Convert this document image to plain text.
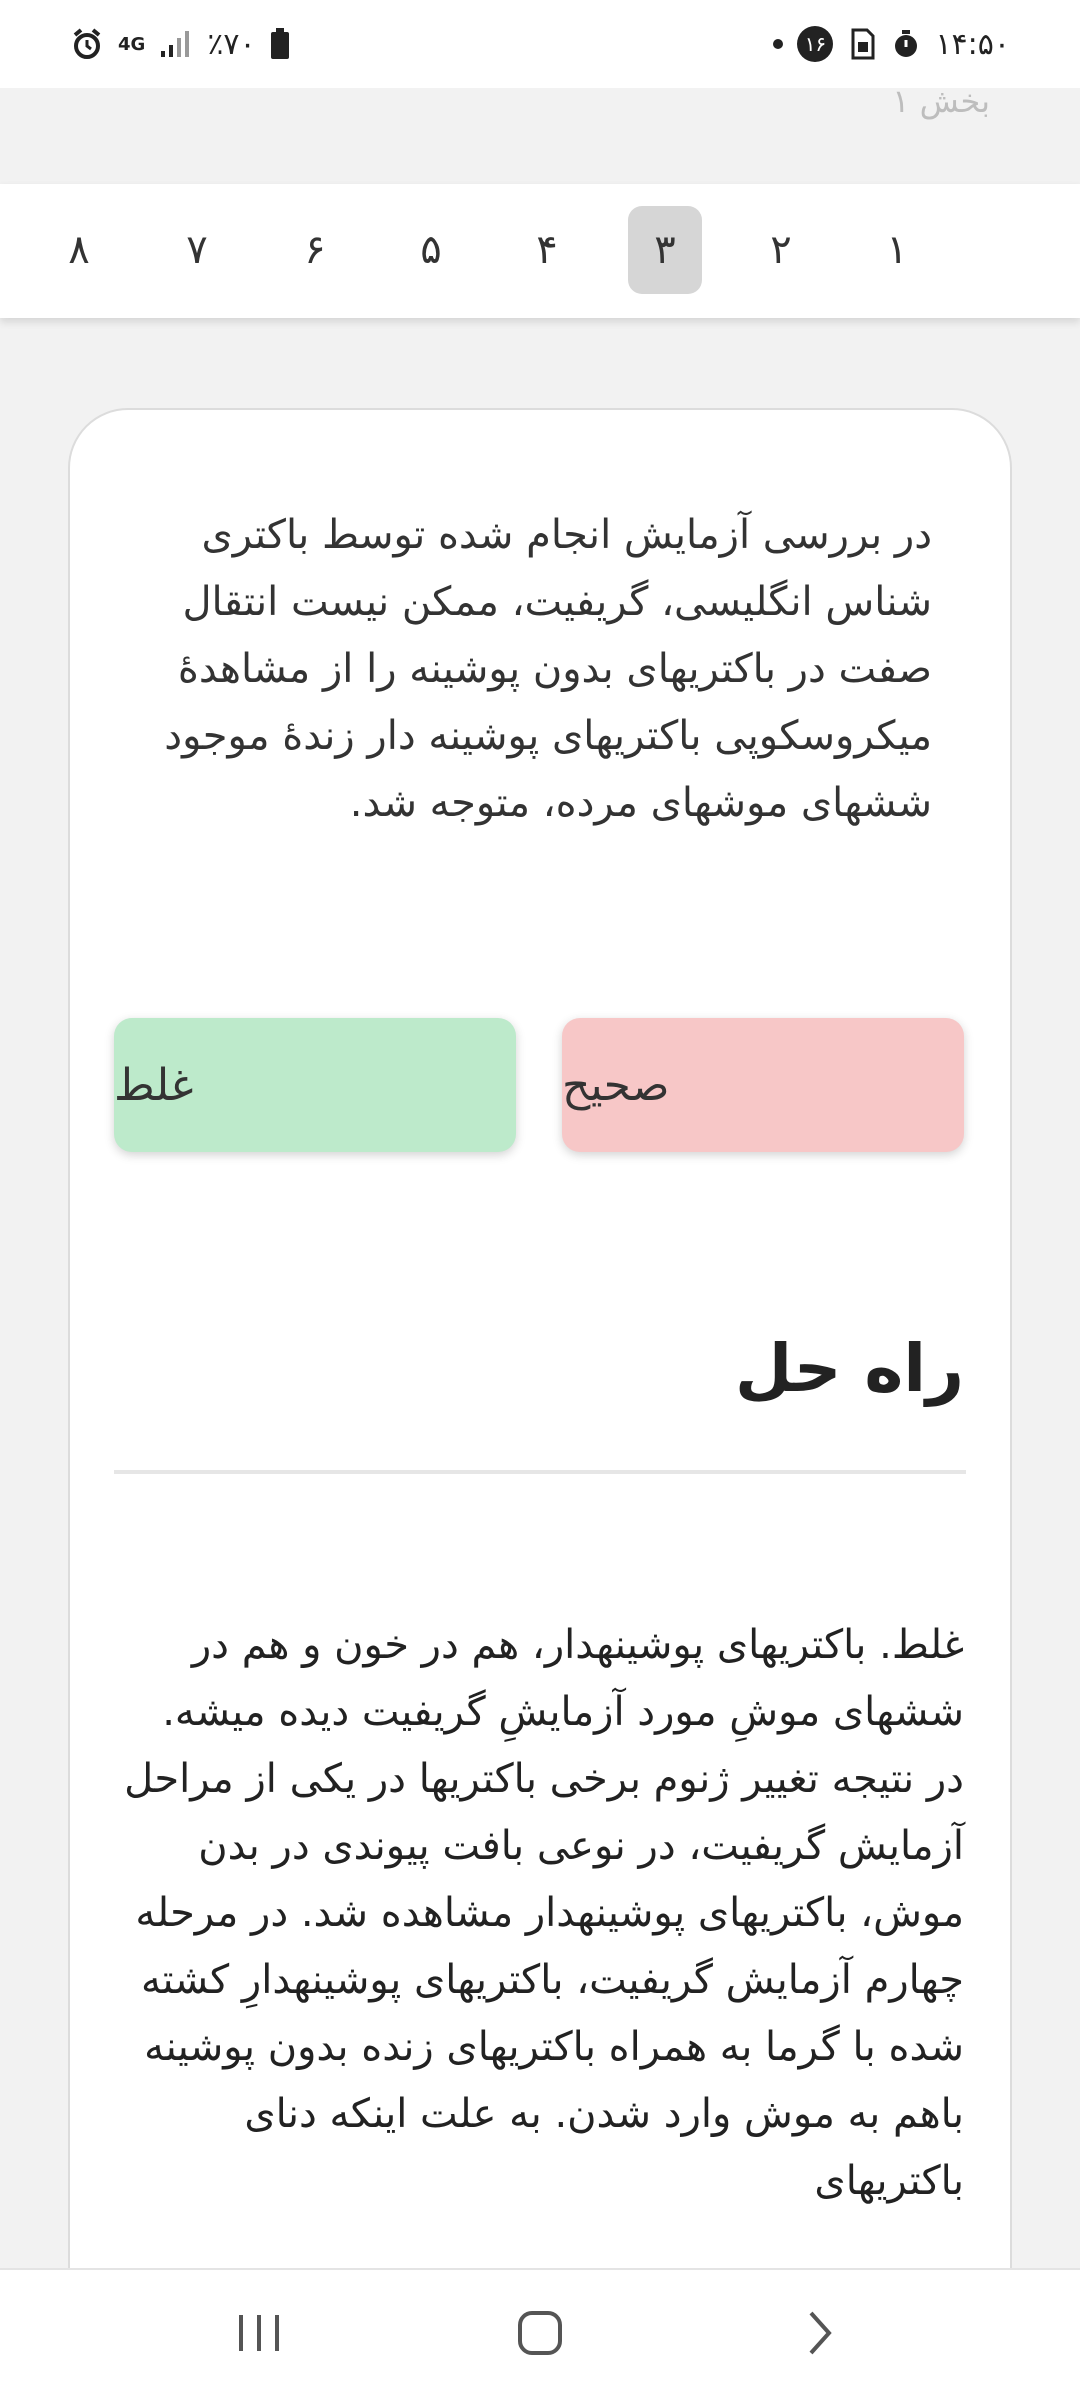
4G ٪۷۰	۱۶	۱۴:۵۰
بخش ۱
۸ ۷ ۶ ۵ ۴ ۳ ۲ ۱
در بررسی آزمایش انجام شده توسط باکتری شناس انگلیسی، گریفیت، ممکن نیست انتقال صفت در باکتریهای بدون پوشینه را از مشاهدهٔ میکروسکوپی باکتریهای پوشینه دار زندهٔ موجود ششهای موشهای مرده، متوجه شد.
صحیح
غلط
راه حل

غلط. باکتریهای پوشینهدار، هم در خون و هم در ششهای موشِ مورد آزمایشِ گریفیت دیده میشه.

در نتیجه تغییر ژنوم برخی باکتریها در یکی از مراحل آزمایش گریفیت، در نوعی بافت پیوندی در بدن موش، باکتریهای پوشینهدار مشاهده شد. در مرحله چهارم آزمایش گریفیت، باکتریهای پوشینهدارِ کشته شده با گرما به همراه باکتریهای زنده بدون پوشینه باهم به موش وارد شدن. به علت اینکه دنای باکتریهای
